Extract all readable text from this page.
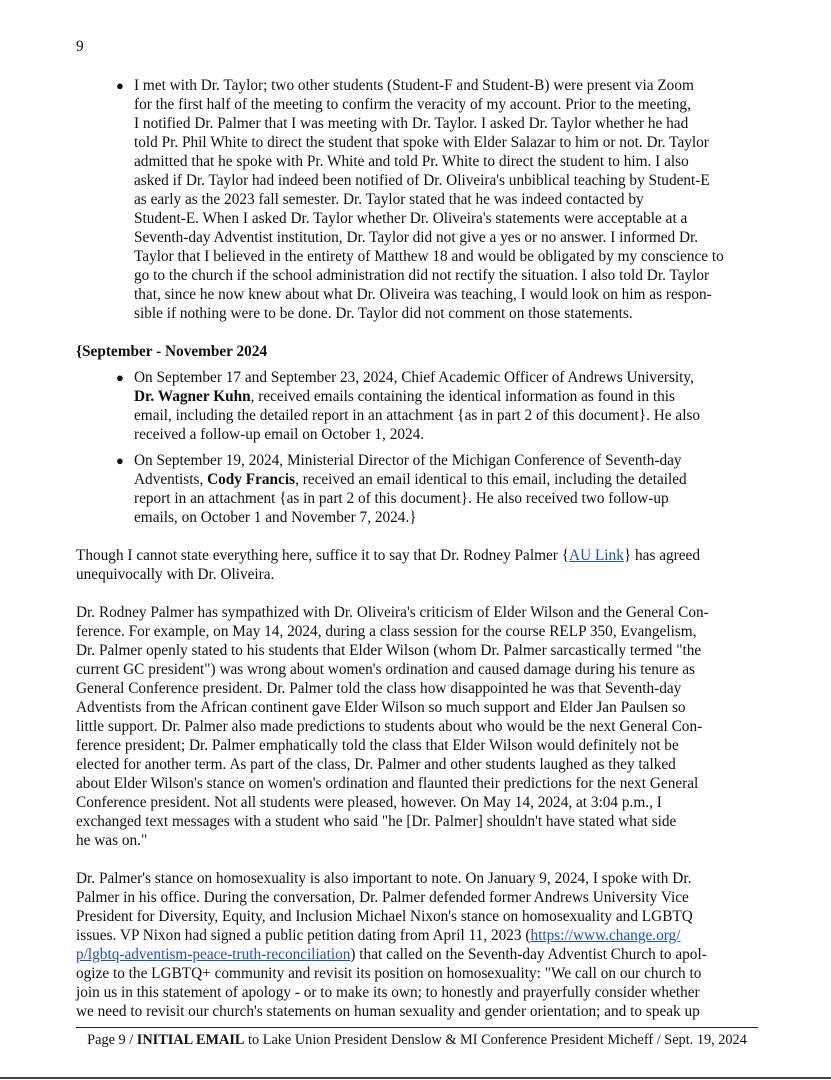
9
● I met with Dr. Taylor; two other students (Student-F and Student-B) were present via Zoom
for the first half of the meeting to confirm the veracity of my account. Prior to the meeting,
I notified Dr. Palmer that I was meeting with Dr. Taylor. I asked Dr. Taylor whether he had
told Pr. Phil White to direct the student that spoke with Elder Salazar to him or not. Dr. Taylor
admitted that he spoke with Pr. White and told Pr. White to direct the student to him. I also
asked if Dr. Taylor had indeed been notified of Dr. Oliveira's unbiblical teaching by Student-E
as early as the 2023 fall semester. Dr. Taylor stated that he was indeed contacted by
Student-E. When I asked Dr. Taylor whether Dr. Oliveira's statements were acceptable at a
Seventh-day Adventist institution, Dr. Taylor did not give a yes or no answer. I informed Dr.
Taylor that I believed in the entirety of Matthew 18 and would be obligated by my conscience to
go to the church if the school administration did not rectify the situation. I also told Dr. Taylor
that, since he now knew about what Dr. Oliveira was teaching, I would look on him as respon-
sible if nothing were to be done. Dr. Taylor did not comment on those statements.

{September - November 2024

● On September 17 and September 23, 2024, Chief Academic Officer of Andrews University,
Dr. Wagner Kuhn, received emails containing the identical information as found in this
email, including the detailed report in an attachment {as in part 2 of this document}. He also
received a follow-up email on October 1, 2024.

● On September 19, 2024, Ministerial Director of the Michigan Conference of Seventh-day
Adventists, Cody Francis, received an email identical to this email, including the detailed
report in an attachment {as in part 2 of this document}. He also received two follow-up
emails, on October 1 and November 7, 2024.}

Though I cannot state everything here, suffice it to say that Dr. Rodney Palmer {AU Link} has agreed
unequivocally with Dr. Oliveira.

Dr. Rodney Palmer has sympathized with Dr. Oliveira's criticism of Elder Wilson and the General Con-
ference. For example, on May 14, 2024, during a class session for the course RELP 350, Evangelism,
Dr. Palmer openly stated to his students that Elder Wilson (whom Dr. Palmer sarcastically termed "the
current GC president") was wrong about women's ordination and caused damage during his tenure as
General Conference president. Dr. Palmer told the class how disappointed he was that Seventh-day
Adventists from the African continent gave Elder Wilson so much support and Elder Jan Paulsen so
little support. Dr. Palmer also made predictions to students about who would be the next General Con-
ference president; Dr. Palmer emphatically told the class that Elder Wilson would definitely not be
elected for another term. As part of the class, Dr. Palmer and other students laughed as they talked
about Elder Wilson's stance on women's ordination and flaunted their predictions for the next General
Conference president. Not all students were pleased, however. On May 14, 2024, at 3:04 p.m., I
exchanged text messages with a student who said "he [Dr. Palmer] shouldn't have stated what side
he was on."

Dr. Palmer's stance on homosexuality is also important to note. On January 9, 2024, I spoke with Dr.
Palmer in his office. During the conversation, Dr. Palmer defended former Andrews University Vice
President for Diversity, Equity, and Inclusion Michael Nixon's stance on homosexuality and LGBTQ
issues. VP Nixon had signed a public petition dating from April 11, 2023 (https://www.change.org/
p/lgbtq-adventism-peace-truth-reconciliation) that called on the Seventh-day Adventist Church to apol-
ogize to the LGBTQ+ community and revisit its position on homosexuality: "We call on our church to
join us in this statement of apology - or to make its own; to honestly and prayerfully consider whether
we need to revisit our church's statements on human sexuality and gender orientation; and to speak up

Page 9 / INITIAL EMAIL to Lake Union President Denslow & MI Conference President Micheff / Sept. 19, 2024
